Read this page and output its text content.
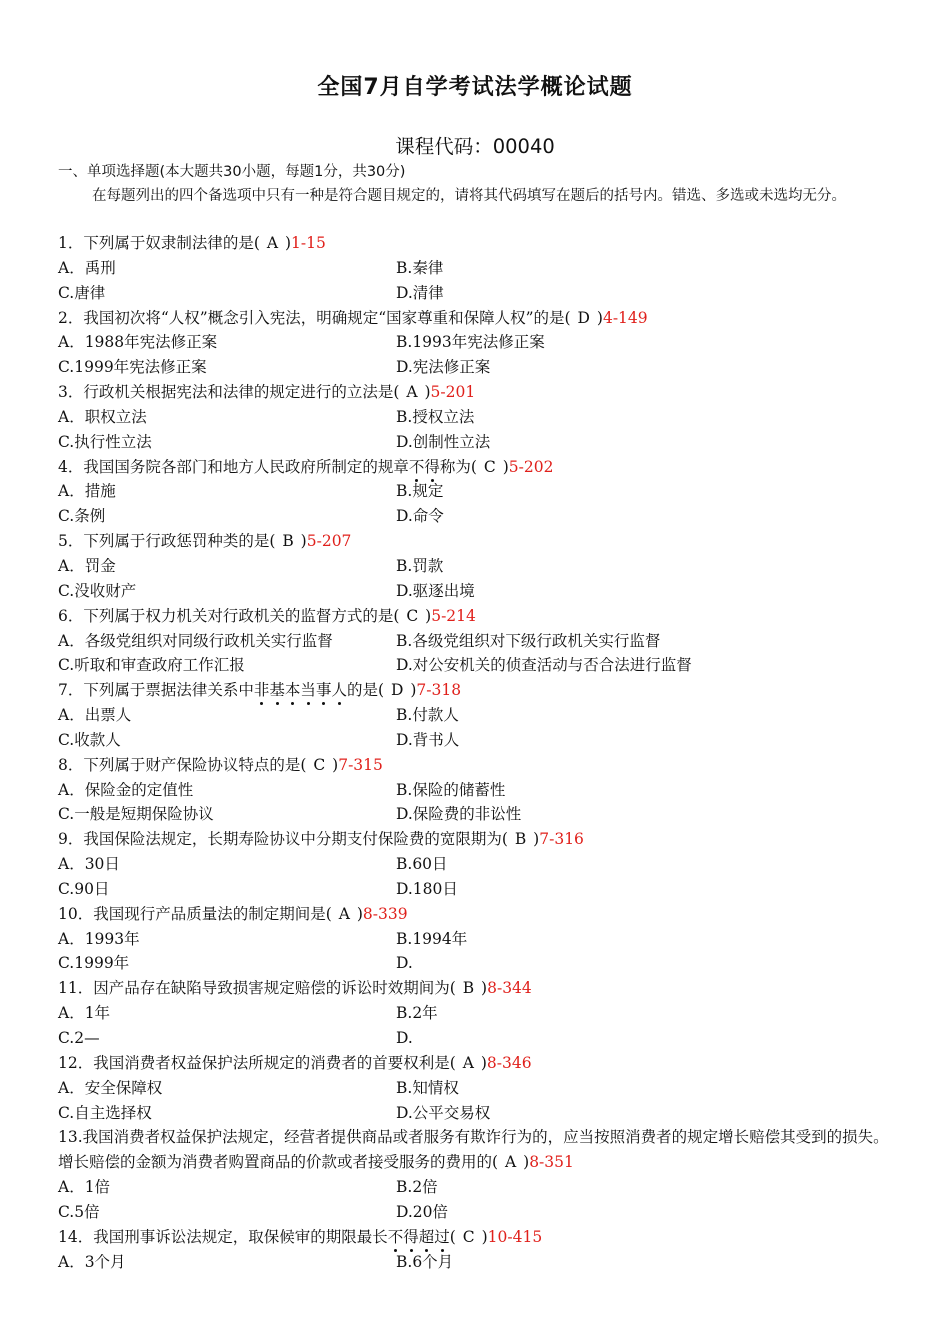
全国7月自学考试法学概论试题
课程代码：00040
一、单项选择题(本大题共30小题，每题1分，共30分)
在每题列出的四个备选项中只有一种是符合题目规定的，请将其代码填写在题后的括号内。错选、多选或未选均无分。
1．下列属于奴隶制法律的是( A )1-15
A．禹刑	B.秦律
C.唐律	D.清律
2．我国初次将“人权”概念引入宪法，明确规定“国家尊重和保障人权”的是( D )4-149
A．1988年宪法修正案	B.1993年宪法修正案
C.1999年宪法修正案	D.宪法修正案
3．行政机关根据宪法和法律的规定进行的立法是( A )5-201
A．职权立法	B.授权立法
C.执行性立法	D.创制性立法
4．我国国务院各部门和地方人民政府所制定的规章不得称为( C )5-202
A．措施	B.规定
C.条例	D.命令
5．下列属于行政惩罚种类的是( B )5-207
A．罚金	B.罚款
C.没收财产	D.驱逐出境
6．下列属于权力机关对行政机关的监督方式的是( C )5-214
A．各级党组织对同级行政机关实行监督	B.各级党组织对下级行政机关实行监督
C.听取和审查政府工作汇报	D.对公安机关的侦查活动与否合法进行监督
7．下列属于票据法律关系中非基本当事人的是( D )7-318
A．出票人	B.付款人
C.收款人	D.背书人
8．下列属于财产保险协议特点的是( C )7-315
A．保险金的定值性	B.保险的储蓄性
C.一般是短期保险协议	D.保险费的非讼性
9．我国保险法规定，长期寿险协议中分期支付保险费的宽限期为( B )7-316
A．30日	B.60日
C.90日	D.180日
10．我国现行产品质量法的制定期间是( A )8-339
A．1993年	B.1994年
C.1999年	D.
11．因产品存在缺陷导致损害规定赔偿的诉讼时效期间为( B )8-344
A．1年	B.2年
C.2—	D.
12．我国消费者权益保护法所规定的消费者的首要权利是( A )8-346
A．安全保障权	B.知情权
C.自主选择权	D.公平交易权
13.我国消费者权益保护法规定，经营者提供商品或者服务有欺诈行为的，应当按照消费者的规定增长赔偿其受到的损失。增长赔偿的金额为消费者购置商品的价款或者接受服务的费用的( A )8-351
A．1倍	B.2倍
C.5倍	D.20倍
14．我国刑事诉讼法规定，取保候审的期限最长不得超过( C )10-415
A．3个月	B.6个月
